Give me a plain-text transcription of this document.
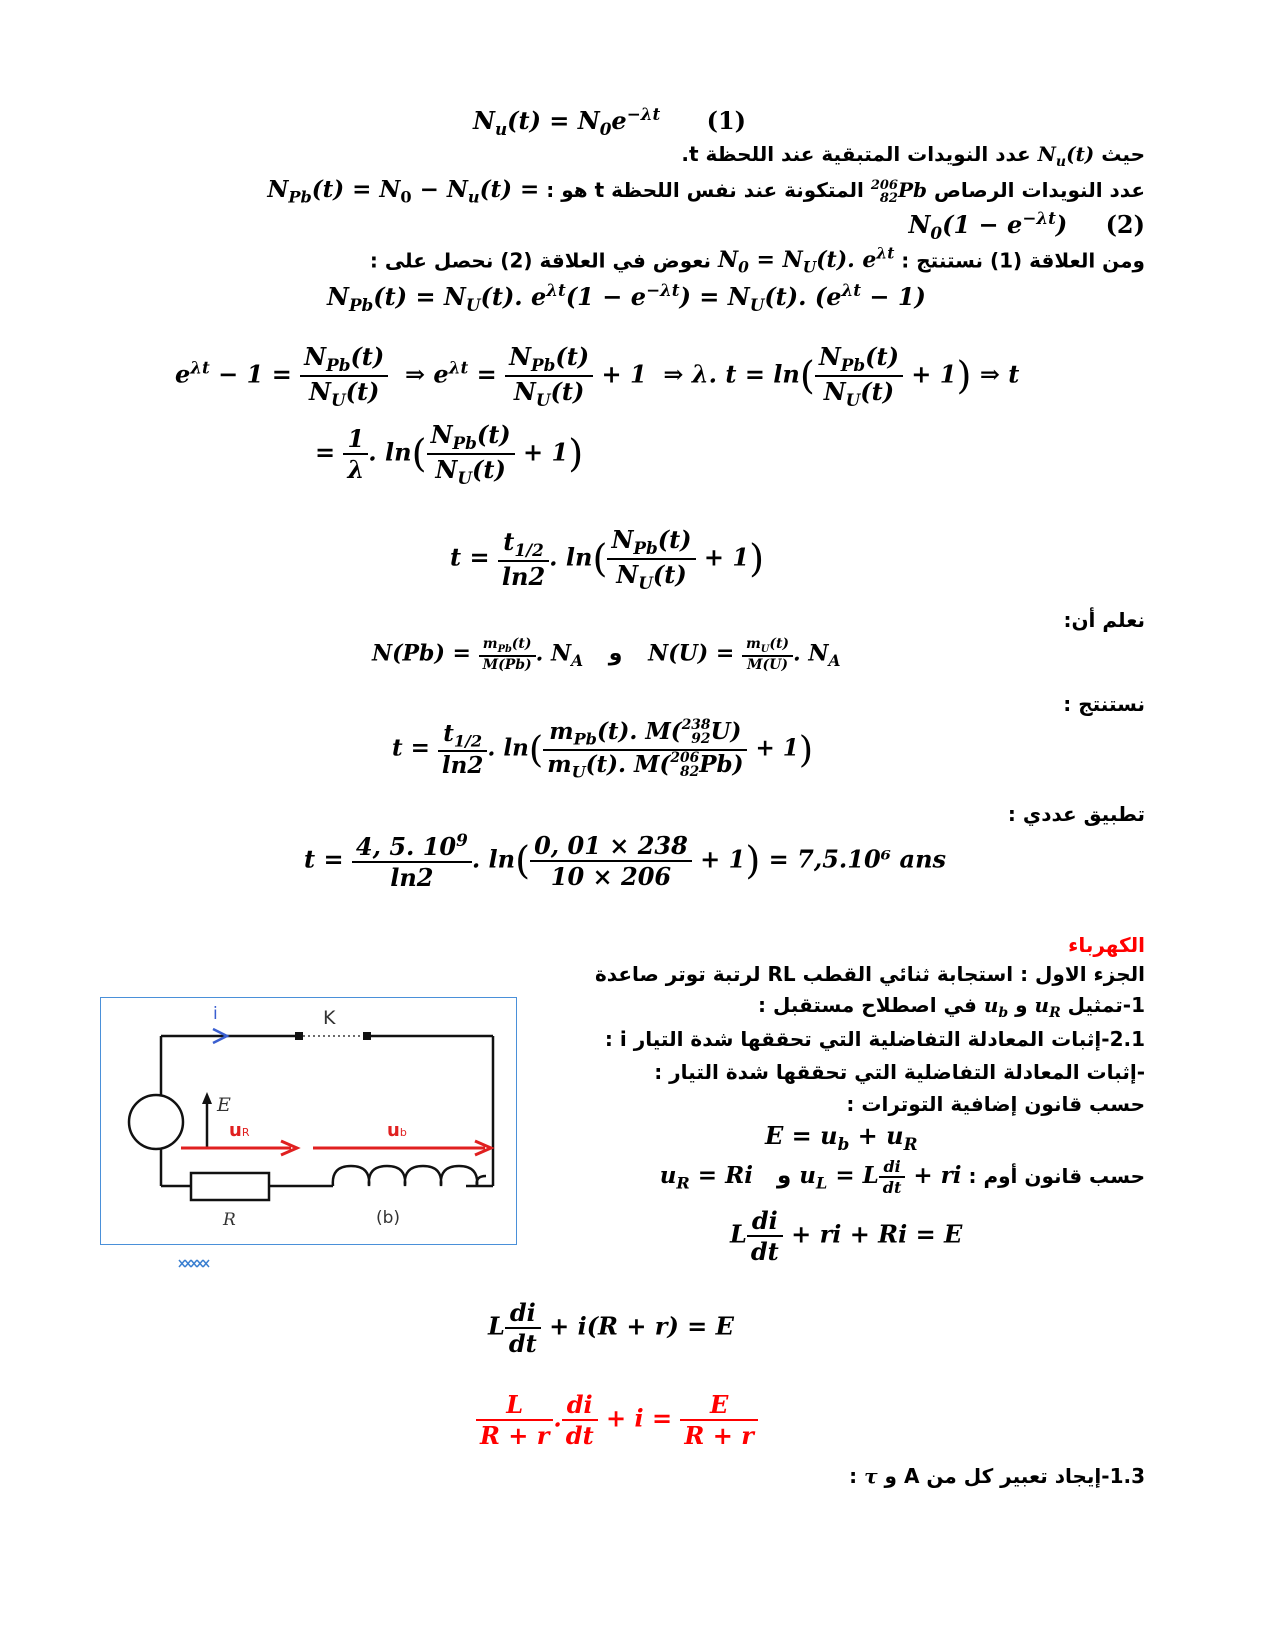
$N_u(t) = N_0e^{-\lambda t}$ (1)
حيث $N_u(t)$ عدد النويدات المتبقية عند اللحظة t.
عدد النويدات الرصاص 206
82Pb المتكونة عند نفس اللحظة t هو : $N_{Pb}(t) = N_0 - N_u(t)$ =
$N_0(1 - e^{-\lambda t})$ (2)
ومن العلاقة (1) نستنتج : $N_0 = N_U(t)$. $e^{\lambda t}$ نعوض في العلاقة (2) نحصل على :
$N_{Pb}(t) = N_U(t)$. $e^{\lambda t}(1 - e^{-\lambda t}) = N_U(t)$. $(e^{\lambda t} - 1)$
$e^{\lambda t} - 1 = \frac{N_{Pb}(t)}{N_U(t)}$ ⇒ $e^{\lambda t} = \frac{N_{Pb}(t)}{N_U(t)} + 1$  ⇒ λ. $t = \ln( \frac{N_{Pb}(t)}{N_U(t)} + 1)$ ⇒ t
= $\frac{1}{\lambda}$ . $\ln( \frac{N_{Pb}(t)}{N_U(t)} + 1)$
$t = \frac{t_{1/2}}{\ln 2}$ . $\ln( \frac{N_{Pb}(t)}{N_U(t)} + 1)$
نعلم أن:
$N(Pb) = \frac{m_{Pb}(t)}{M(Pb)}$ . $N_A$ و $N(U) = \frac{m_U(t)}{M(U)}$ . $N_A$
نستنتج :
$t = \frac{t_{1/2}}{\ln 2}$ . ln( $m_{Pb}(t)$. M(238
92U)
$m_U(t)$. M(206
82Pb)
+ 1)
تطبيق عددي :
$t = \frac{4, 5. 10^9}{\ln 2}$ . $\ln( \frac{0, 01 \times 238}{10 \times 206} + 1) = 7,5.10^6$ ans
الكهرباء
الجزء الاول : استجابة ثنائي القطب RL لرتبة توتر صاعدة
1-تمثيل $u_R$ و $u_b$ في اصطلاح مستقبل :
2.1-إثبات المعادلة التفاضلية التي تحققها شدة التيار i :
-إثبات المعادلة التفاضلية التي تحققها شدة التيار :
حسب قانون إضافية التوترات :
$E = u_b + u_R$
حسب قانون أوم : $u_R = Ri$   و $u_L = L \frac{di}{dt}$ + ri
L $\frac{di}{dt}$ + ri + Ri = E
L $\frac{di}{dt} + i(R + r) = E$
$\frac{L}{R + r}$ . $\frac{di}{dt} + i = \frac{E}{R + r}$
1.3-إيجاد تعبير كل من A و τ :
i	K
E
uR	ub
R	(b)
